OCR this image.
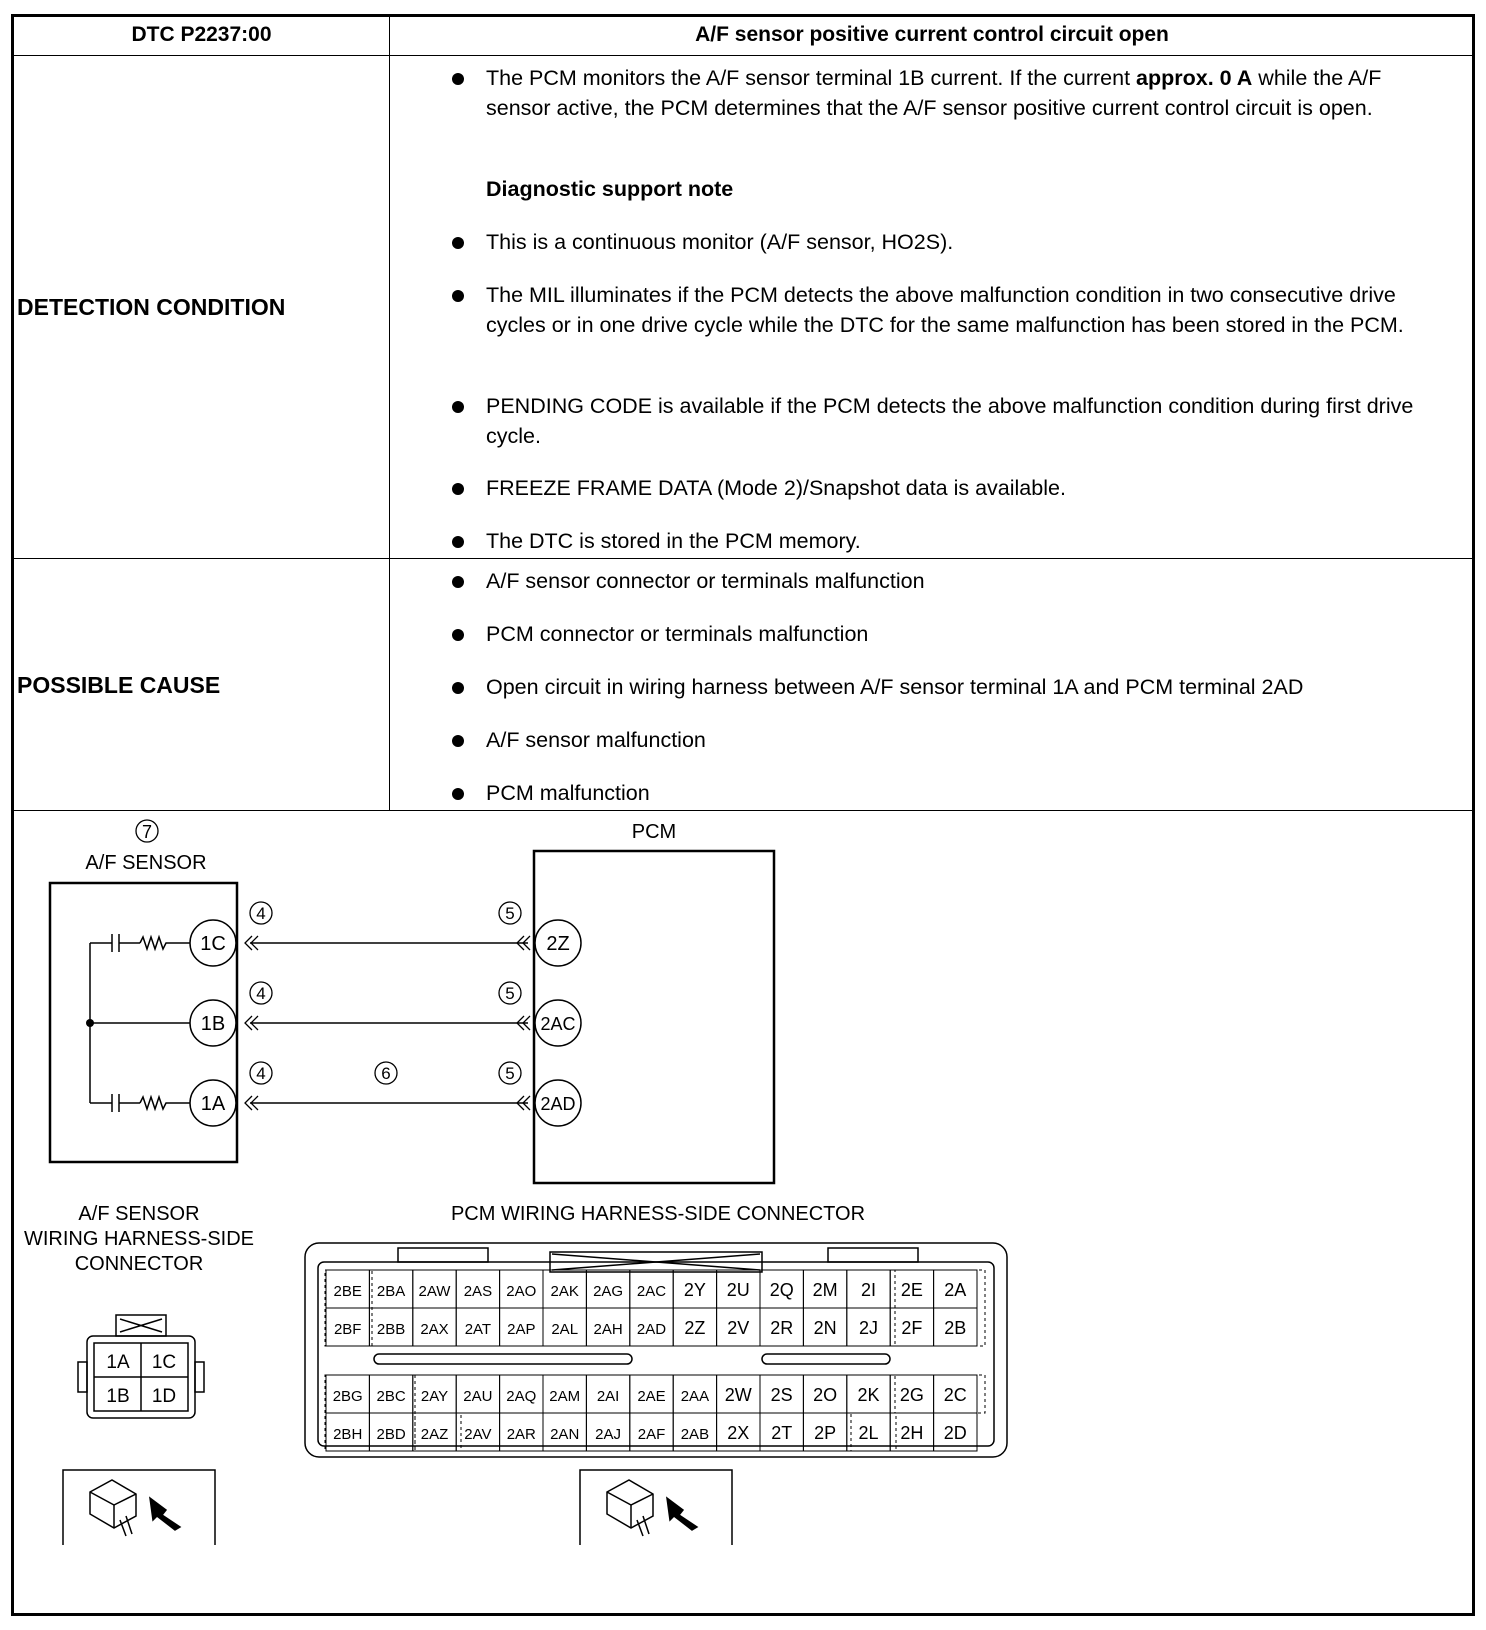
DTC P2237:00	A/F sensor positive current control circuit open
DETECTION CONDITION
The PCM monitors the A/F sensor terminal 1B current. If the current approx. 0 A while the A/F sensor active, the PCM determines that the A/F sensor positive current control circuit is open.
Diagnostic support note
This is a continuous monitor (A/F sensor, HO2S).
The MIL illuminates if the PCM detects the above malfunction condition in two consecutive drive cycles or in one drive cycle while the DTC for the same malfunction has been stored in the PCM.
PENDING CODE is available if the PCM detects the above malfunction condition during first drive cycle.
FREEZE FRAME DATA (Mode 2)/Snapshot data is available.
The DTC is stored in the PCM memory.
POSSIBLE CAUSE
A/F sensor connector or terminals malfunction
PCM connector or terminals malfunction
Open circuit in wiring harness between A/F sensor terminal 1A and PCM terminal 2AD
A/F sensor malfunction
PCM malfunction
7
A/F SENSOR
PCM
1C
1B
1A
2Z
2AC
2AD
4
4
4
5
5
5
6
A/F SENSOR
WIRING HARNESS-SIDE
CONNECTOR
PCM WIRING HARNESS-SIDE CONNECTOR
1A 1C
1B 1D
2BE 2BA 2AW 2AS 2AO 2AK 2AG 2AC 2Y 2U 2Q 2M 2I 2E 2A
2BF 2BB 2AX 2AT 2AP 2AL 2AH 2AD 2Z 2V 2R 2N 2J 2F 2B
2BG 2BC 2AY 2AU 2AQ 2AM 2AI 2AE 2AA 2W 2S 2O 2K 2G 2C
2BH 2BD 2AZ 2AV 2AR 2AN 2AJ 2AF 2AB 2X 2T 2P 2L 2H 2D
